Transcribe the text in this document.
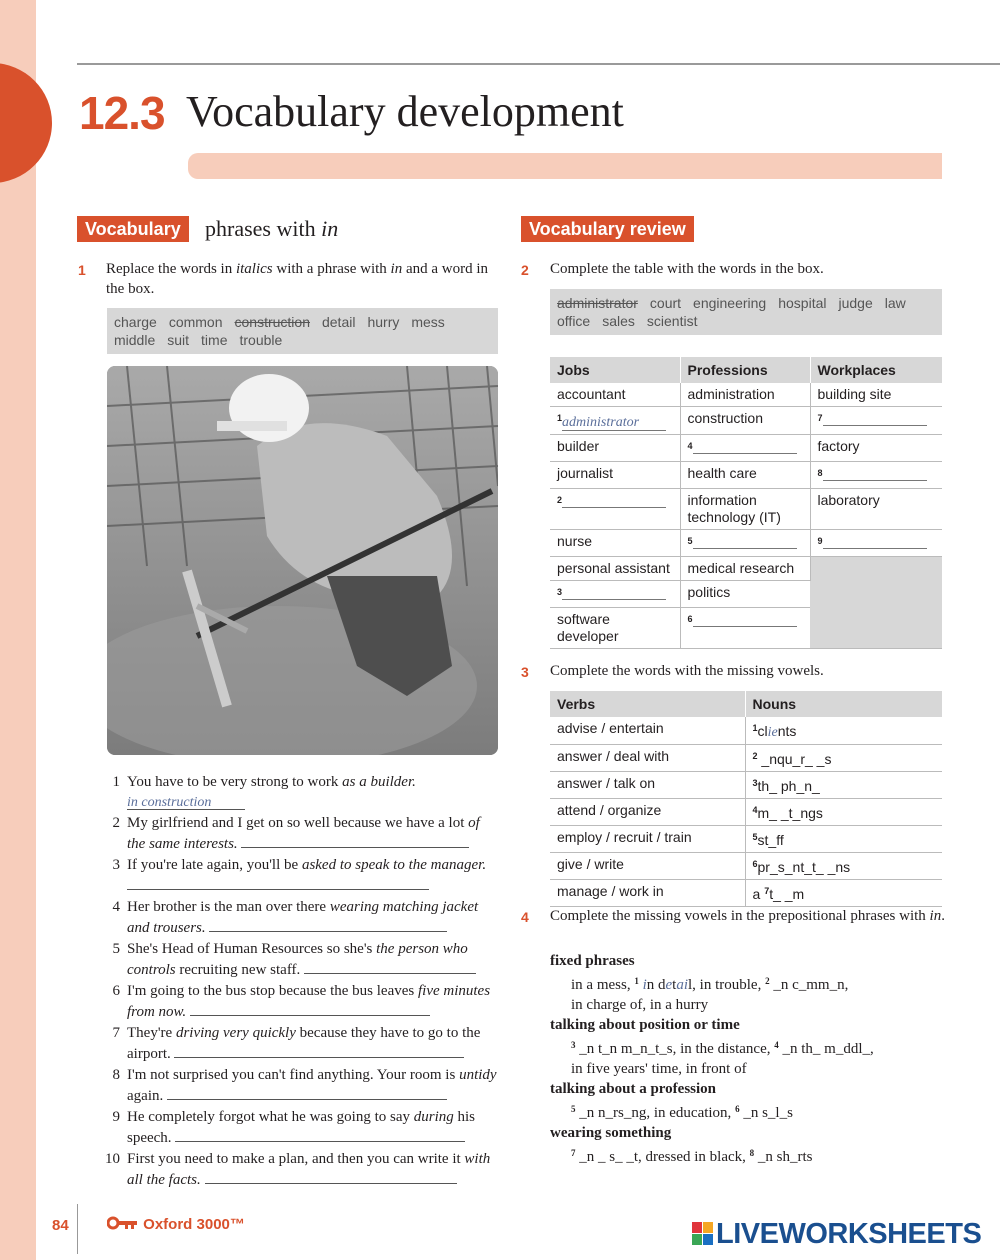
12.3 Vocabulary development
Vocabulary	phrases with in	Vocabulary review
1 Replace the words in italics with a phrase with in and a word in the box.
charge common construction detail hurry mess
middle suit time trouble
1 You have to be very strong to work as a builder.
in construction
2 My girlfriend and I get on so well because we have a lot of the same interests.
3 If you're late again, you'll be asked to speak to the manager.
4 Her brother is the man over there wearing matching jacket and trousers.
5 She's Head of Human Resources so she's the person who controls recruiting new staff.
6 I'm going to the bus stop because the bus leaves five minutes from now.
7 They're driving very quickly because they have to go to the airport.
8 I'm not surprised you can't find anything. Your room is untidy again.
9 He completely forgot what he was going to say during his speech.
10 First you need to make a plan, and then you can write it with all the facts.
2 Complete the table with the words in the box.
administrator court engineering hospital judge law
office sales scientist
Jobs	Professions	Workplaces
accountant	administration	building site
$^1$administrator	construction	$^7$
builder	$^4$	factory
journalist	health care	$^8$
$^2$	information technology (IT)	laboratory
nurse	$^5$	$^9$
personal assistant	medical research	
$^3$	politics	
software developer	$^6$
3 Complete the words with the missing vowels.
Verbs	Nouns
advise / entertain	$^1$clients
answer / deal with	$^2$ _nqu_r_ _s
answer / talk on	$^3$th_ ph_n_
attend / organize	$^4$m_ _t_ngs
employ / recruit / train	$^5$st_ff
give / write	$^6$pr_s_nt_t_ _ns
manage / work in	a $^7$t_ _m
4 Complete the missing vowels in the prepositional phrases with in.
fixed phrases
in a mess, $^1$ in detail, in trouble, $^2$ _n c_mm_n,
in charge of, in a hurry
talking about position or time
$^3$ _n t_n m_n_t_s, in the distance, $^4$ _n th_ m_ddl_,
in five years' time, in front of
talking about a profession
$^5$ _n n_rs_ng, in education, $^6$ _n s_l_s
wearing something
$^7$ _n _ s_ _t, dressed in black, $^8$ _n sh_rts
84	Oxford 3000™	LIVEWORKSHEETS
